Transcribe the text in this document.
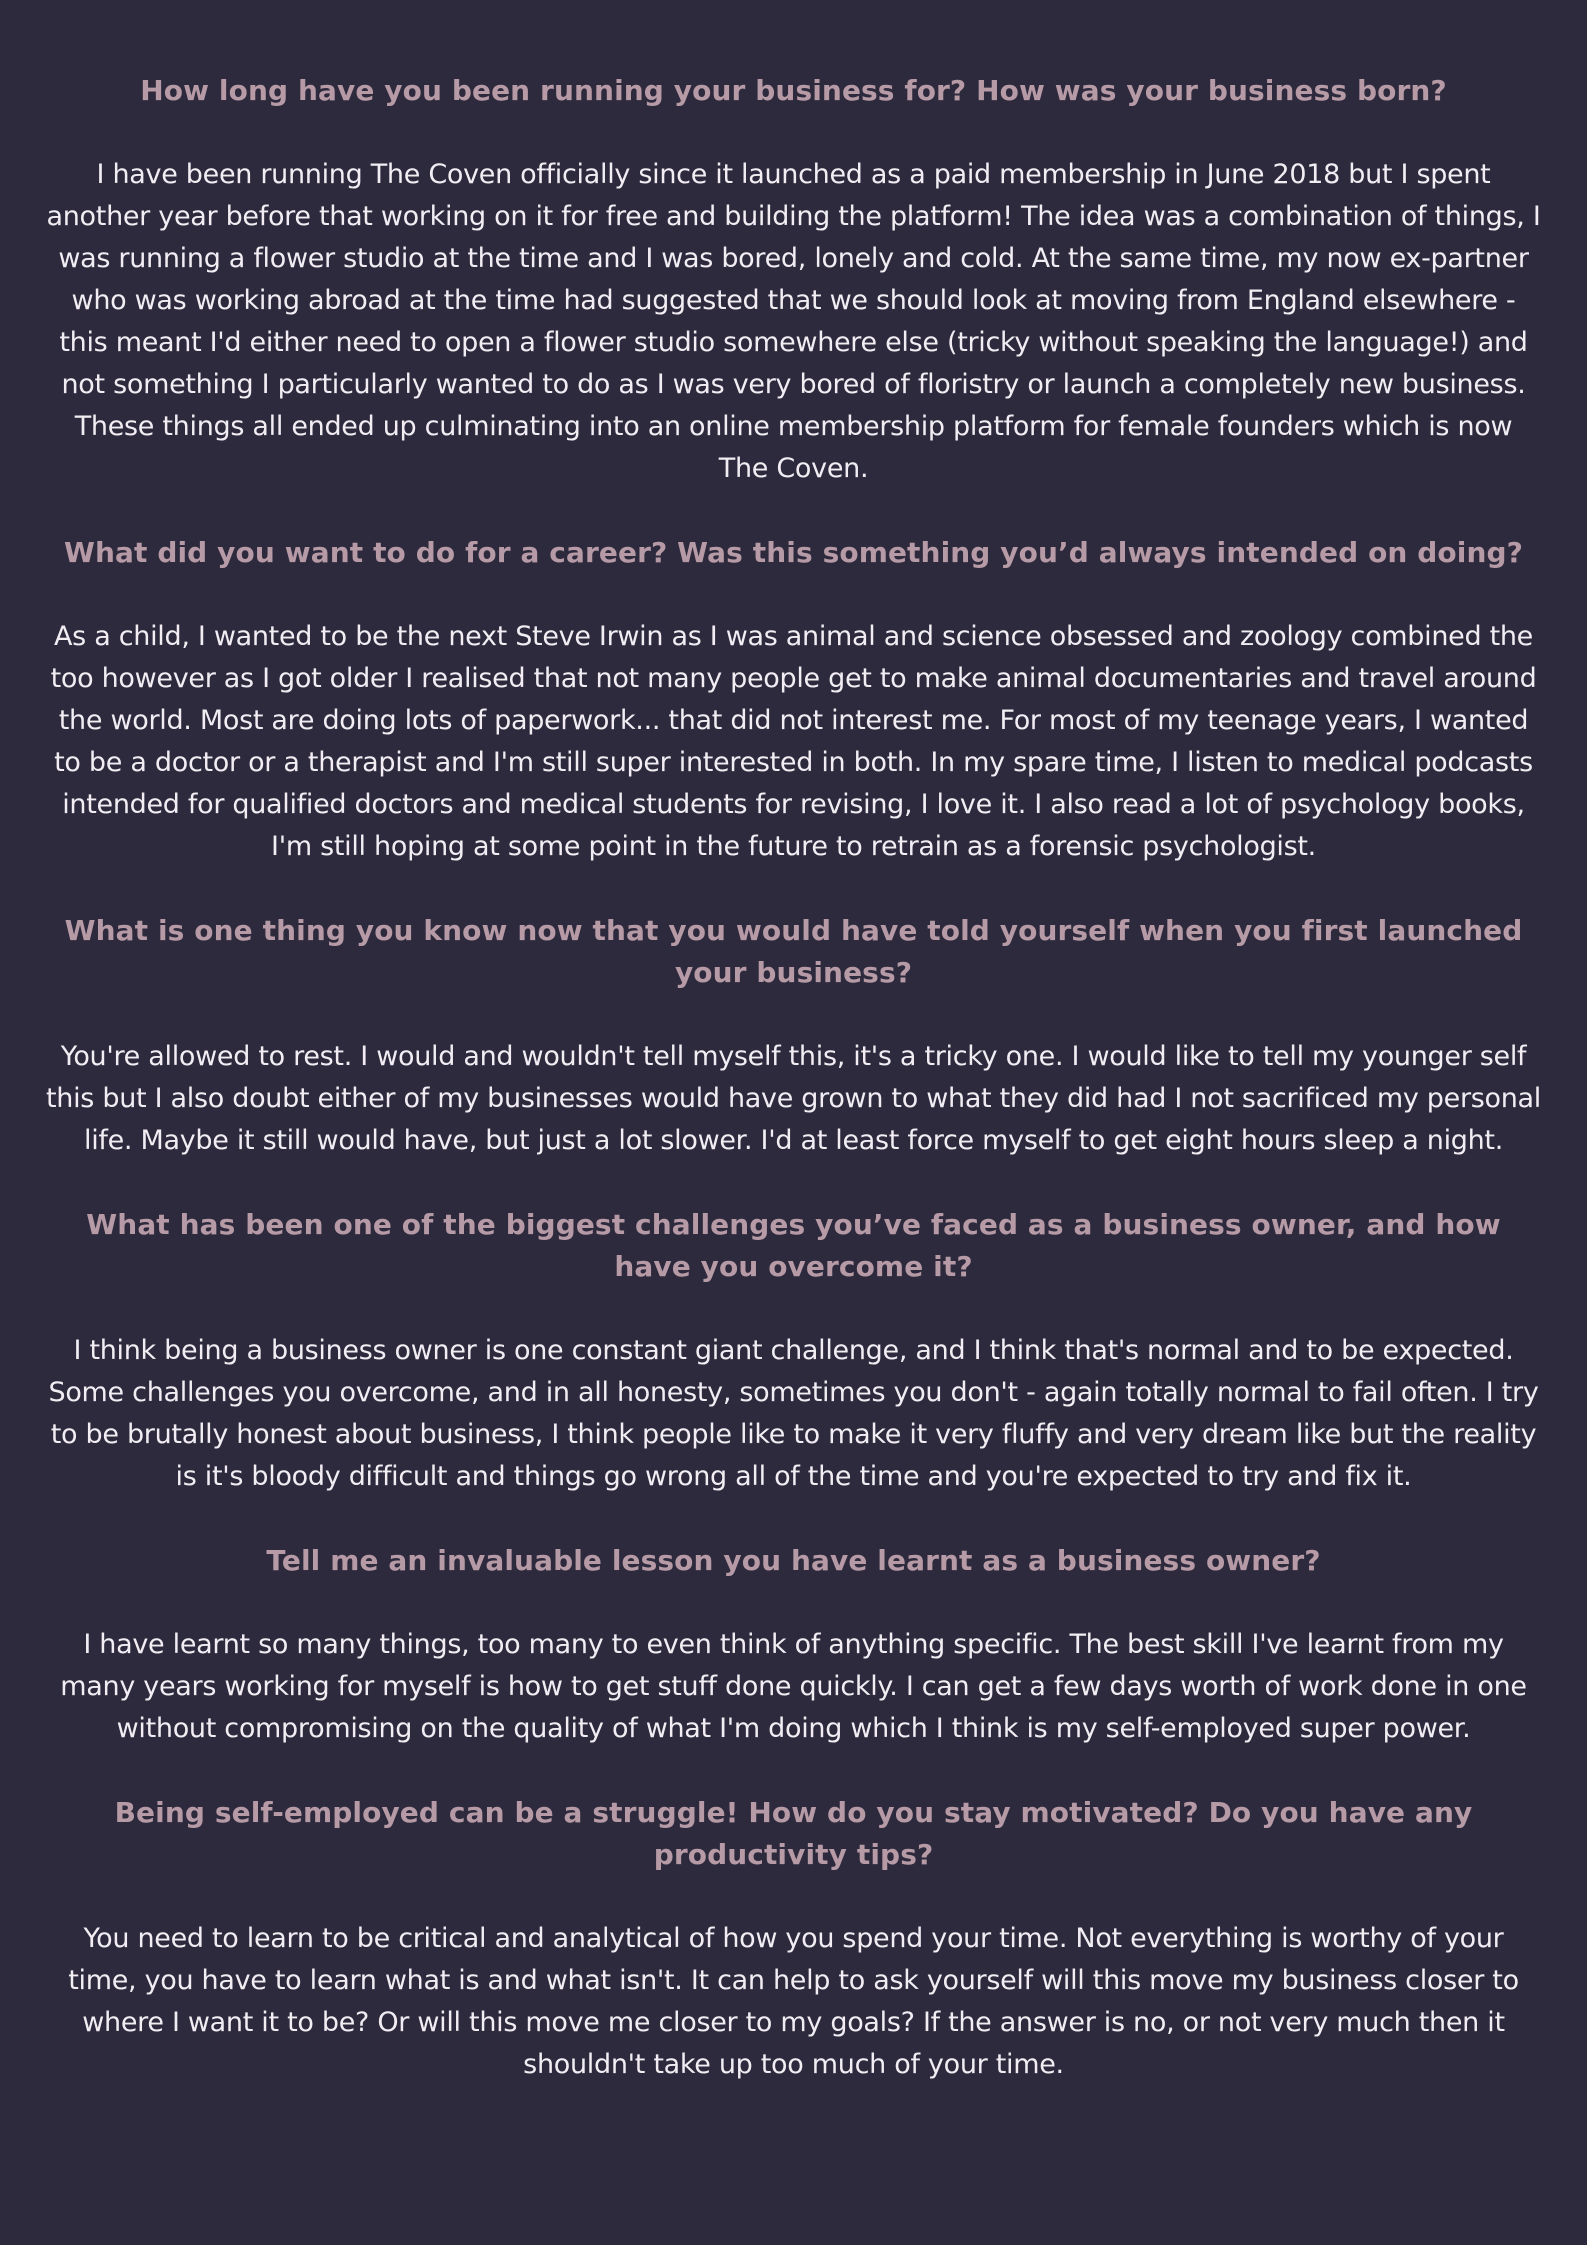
How long have you been running your business for? How was your business born?

I have been running The Coven officially since it launched as a paid membership in June 2018 but I spent another year before that working on it for free and building the platform! The idea was a combination of things, I was running a flower studio at the time and I was bored, lonely and cold. At the same time, my now ex-partner who was working abroad at the time had suggested that we should look at moving from England elsewhere - this meant I'd either need to open a flower studio somewhere else (tricky without speaking the language!) and not something I particularly wanted to do as I was very bored of floristry or launch a completely new business. These things all ended up culminating into an online membership platform for female founders which is now The Coven.

What did you want to do for a career? Was this something you’d always intended on doing?

As a child, I wanted to be the next Steve Irwin as I was animal and science obsessed and zoology combined the too however as I got older I realised that not many people get to make animal documentaries and travel around the world. Most are doing lots of paperwork... that did not interest me. For most of my teenage years, I wanted to be a doctor or a therapist and I'm still super interested in both. In my spare time, I listen to medical podcasts intended for qualified doctors and medical students for revising, I love it. I also read a lot of psychology books, I'm still hoping at some point in the future to retrain as a forensic psychologist.

What is one thing you know now that you would have told yourself when you first launched your business?

You're allowed to rest. I would and wouldn't tell myself this, it's a tricky one. I would like to tell my younger self this but I also doubt either of my businesses would have grown to what they did had I not sacrificed my personal life. Maybe it still would have, but just a lot slower. I'd at least force myself to get eight hours sleep a night.

What has been one of the biggest challenges you’ve faced as a business owner, and how have you overcome it?

I think being a business owner is one constant giant challenge, and I think that's normal and to be expected. Some challenges you overcome, and in all honesty, sometimes you don't - again totally normal to fail often. I try to be brutally honest about business, I think people like to make it very fluffy and very dream like but the reality is it's bloody difficult and things go wrong all of the time and you're expected to try and fix it.

Tell me an invaluable lesson you have learnt as a business owner?

I have learnt so many things, too many to even think of anything specific. The best skill I've learnt from my many years working for myself is how to get stuff done quickly. I can get a few days worth of work done in one without compromising on the quality of what I'm doing which I think is my self-employed super power.

Being self-employed can be a struggle! How do you stay motivated? Do you have any productivity tips?

You need to learn to be critical and analytical of how you spend your time. Not everything is worthy of your time, you have to learn what is and what isn't. It can help to ask yourself will this move my business closer to where I want it to be? Or will this move me closer to my goals? If the answer is no, or not very much then it shouldn't take up too much of your time.
